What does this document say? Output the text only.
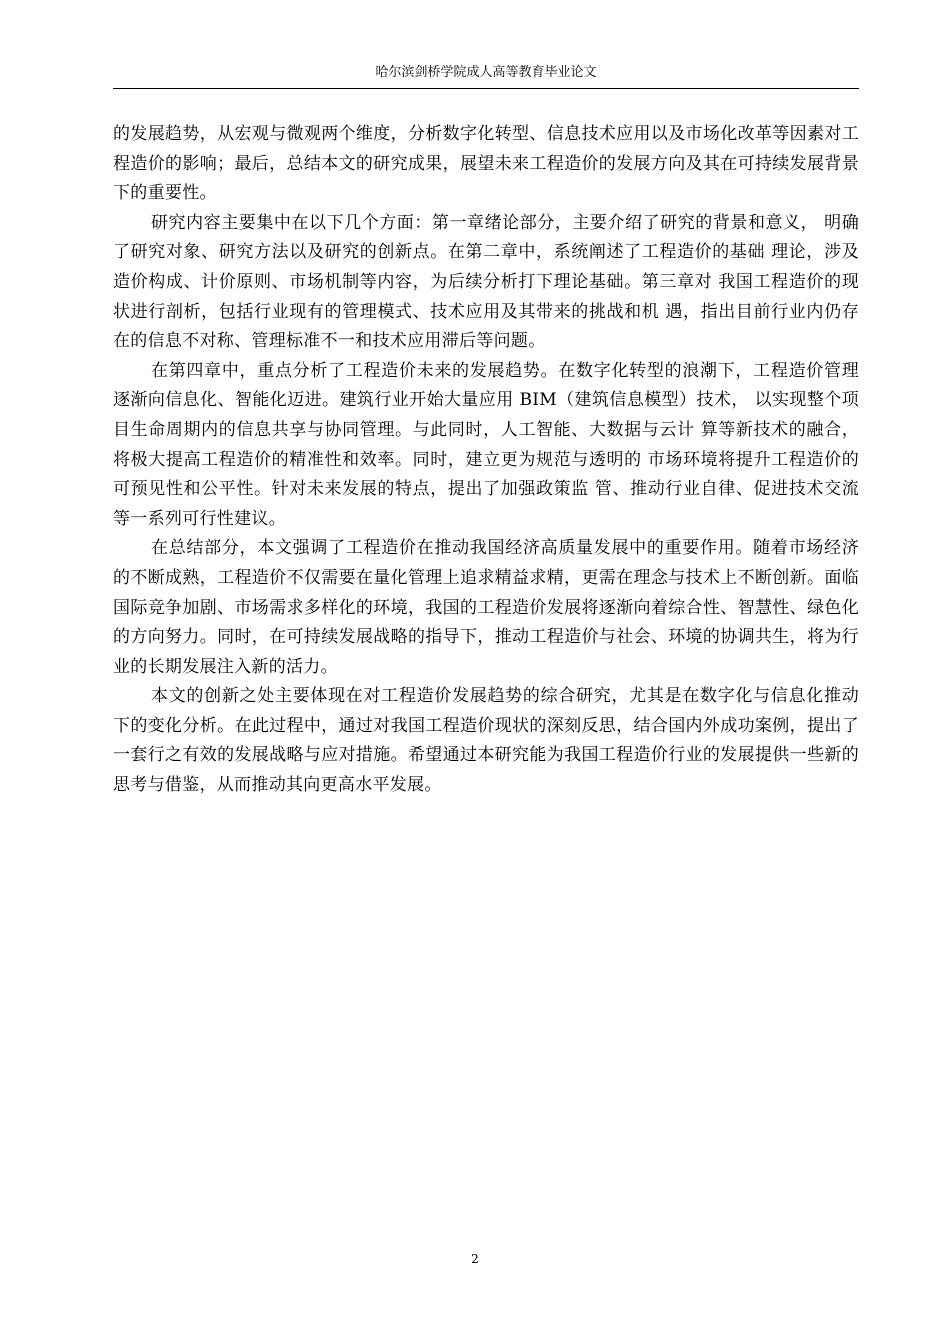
哈尔滨剑桥学院成人高等教育毕业论文

的发展趋势，从宏观与微观两个维度，分析数字化转型、信息技术应用以及市场化改革等因素对工程造价的影响；最后，总结本文的研究成果，展望未来工程造价的发展方向及其在可持续发展背景下的重要性。

研究内容主要集中在以下几个方面：第一章绪论部分，主要介绍了研究的背景和意义， 明确了研究对象、研究方法以及研究的创新点。在第二章中，系统阐述了工程造价的基础 理论，涉及造价构成、计价原则、市场机制等内容，为后续分析打下理论基础。第三章对 我国工程造价的现状进行剖析，包括行业现有的管理模式、技术应用及其带来的挑战和机 遇，指出目前行业内仍存在的信息不对称、管理标准不一和技术应用滞后等问题。

在第四章中，重点分析了工程造价未来的发展趋势。在数字化转型的浪潮下，工程造价管理逐渐向信息化、智能化迈进。建筑行业开始大量应用 BIM（建筑信息模型）技术， 以实现整个项目生命周期内的信息共享与协同管理。与此同时，人工智能、大数据与云计 算等新技术的融合，将极大提高工程造价的精准性和效率。同时，建立更为规范与透明的 市场环境将提升工程造价的可预见性和公平性。针对未来发展的特点，提出了加强政策监 管、推动行业自律、促进技术交流等一系列可行性建议。

在总结部分，本文强调了工程造价在推动我国经济高质量发展中的重要作用。随着市场经济的不断成熟，工程造价不仅需要在量化管理上追求精益求精，更需在理念与技术上不断创新。面临国际竞争加剧、市场需求多样化的环境，我国的工程造价发展将逐渐向着综合性、智慧性、绿色化的方向努力。同时，在可持续发展战略的指导下，推动工程造价与社会、环境的协调共生，将为行业的长期发展注入新的活力。

本文的创新之处主要体现在对工程造价发展趋势的综合研究，尤其是在数字化与信息化推动下的变化分析。在此过程中，通过对我国工程造价现状的深刻反思，结合国内外成功案例，提出了一套行之有效的发展战略与应对措施。希望通过本研究能为我国工程造价行业的发展提供一些新的思考与借鉴，从而推动其向更高水平发展。

2
